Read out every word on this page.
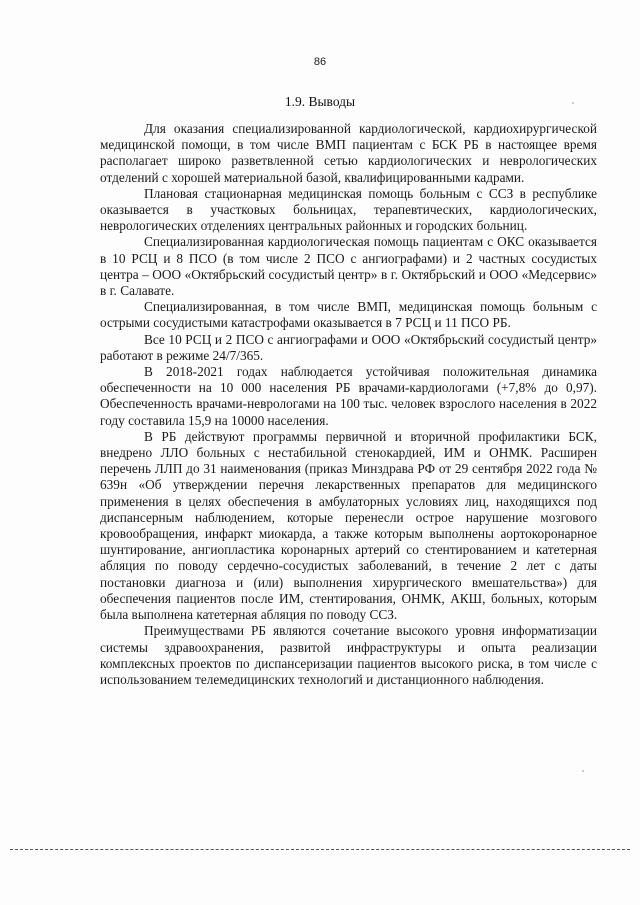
86
1.9. Выводы

Для оказания специализированной кардиологической, кардиохирургической медицинской помощи, в том числе ВМП пациентам с БСК РБ в настоящее время располагает широко разветвленной сетью кардиологических и неврологических отделений с хорошей материальной базой, квалифицированными кадрами.

Плановая стационарная медицинская помощь больным с ССЗ в республике оказывается в участковых больницах, терапевтических, кардиологических, неврологических отделениях центральных районных и городских больниц.

Специализированная кардиологическая помощь пациентам с ОКС оказывается в 10 РСЦ и 8 ПСО (в том числе 2 ПСО с ангиографами) и 2 частных сосудистых центра – ООО «Октябрьский сосудистый центр» в г. Октябрьский и ООО «Медсервис» в г. Салавате.

Специализированная, в том числе ВМП, медицинская помощь больным с острыми сосудистыми катастрофами оказывается в 7 РСЦ и 11 ПСО РБ.

Все 10 РСЦ и 2 ПСО с ангиографами и ООО «Октябрьский сосудистый центр» работают в режиме 24/7/365.

В 2018-2021 годах наблюдается устойчивая положительная динамика обеспеченности на 10 000 населения РБ врачами-кардиологами (+7,8% до 0,97). Обеспеченность врачами-неврологами на 100 тыс. человек взрослого населения в 2022 году составила 15,9 на 10000 населения.

В РБ действуют программы первичной и вторичной профилактики БСК, внедрено ЛЛО больных с нестабильной стенокардией, ИМ и ОНМК. Расширен перечень ЛЛП до 31 наименования (приказ Минздрава РФ от 29 сентября 2022 года № 639н «Об утверждении перечня лекарственных препаратов для медицинского применения в целях обеспечения в амбулаторных условиях лиц, находящихся под диспансерным наблюдением, которые перенесли острое нарушение мозгового кровообращения, инфаркт миокарда, а также которым выполнены аортокоронарное шунтирование, ангиопластика коронарных артерий со стентированием и катетерная абляция по поводу сердечно-сосудистых заболеваний, в течение 2 лет с даты постановки диагноза и (или) выполнения хирургического вмешательства») для обеспечения пациентов после ИМ, стентирования, ОНМК, АКШ, больных, которым была выполнена катетерная абляция по поводу ССЗ.

Преимуществами РБ являются сочетание высокого уровня информатизации системы здравоохранения, развитой инфраструктуры и опыта реализации комплексных проектов по диспансеризации пациентов высокого риска, в том числе с использованием телемедицинских технологий и дистанционного наблюдения.
